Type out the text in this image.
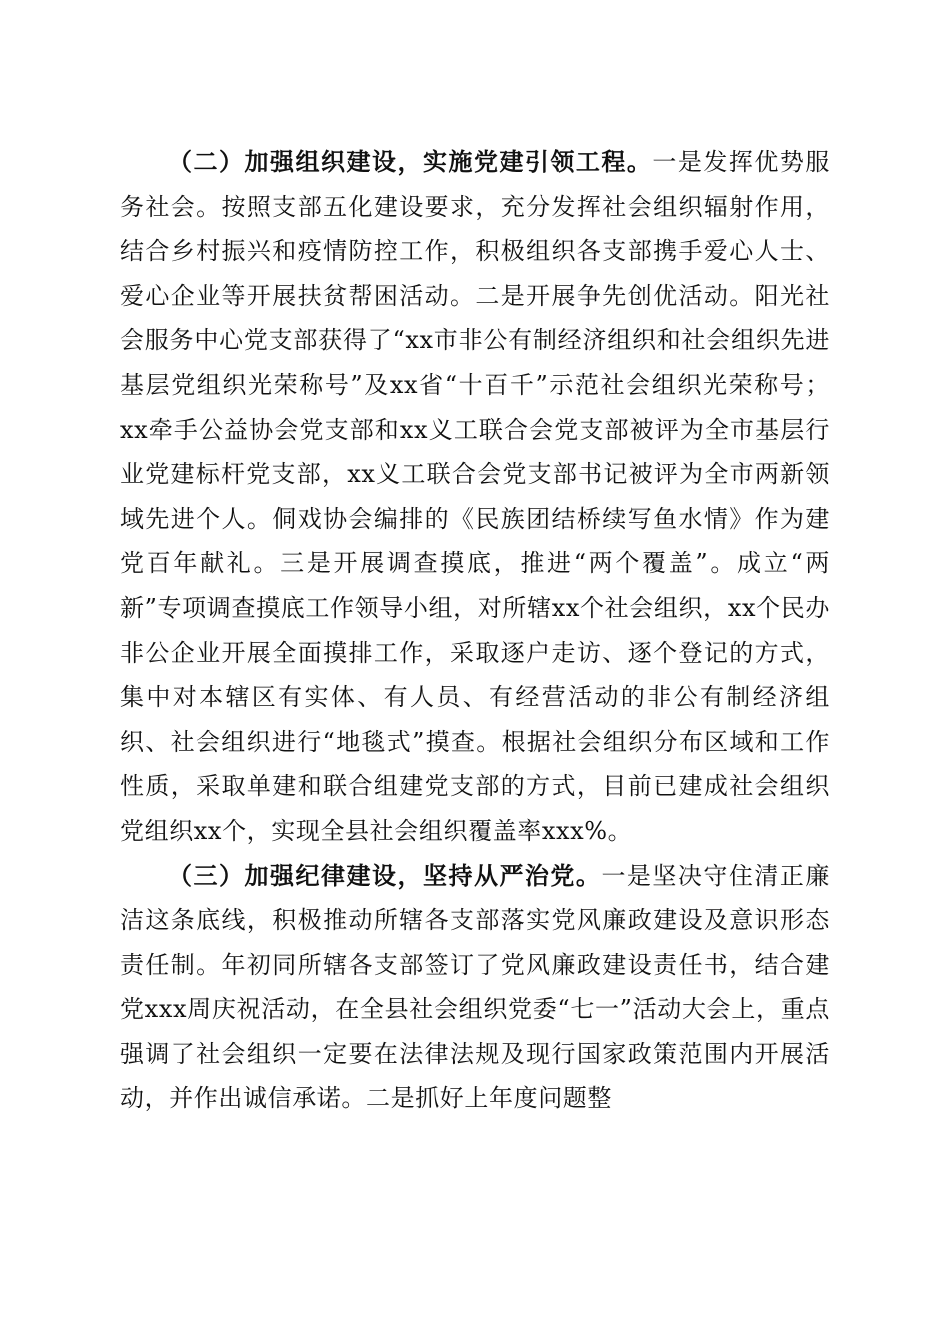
（二）加强组织建设，实施党建引领工程。一是发挥优势服务社会。按照支部五化建设要求，充分发挥社会组织辐射作用，结合乡村振兴和疫情防控工作，积极组织各支部携手爱心人士、爱心企业等开展扶贫帮困活动。二是开展争先创优活动。阳光社会服务中心党支部获得了“xx市非公有制经济组织和社会组织先进基层党组织光荣称号”及xx省“十百千”示范社会组织光荣称号；xx牵手公益协会党支部和xx义工联合会党支部被评为全市基层行业党建标杆党支部，xx义工联合会党支部书记被评为全市两新领域先进个人。侗戏协会编排的《民族团结桥续写鱼水情》作为建党百年献礼。三是开展调查摸底，推进“两个覆盖”。成立“两新”专项调查摸底工作领导小组，对所辖xx个社会组织，xx个民办非公企业开展全面摸排工作，采取逐户走访、逐个登记的方式，集中对本辖区有实体、有人员、有经营活动的非公有制经济组织、社会组织进行“地毯式”摸查。根据社会组织分布区域和工作性质，采取单建和联合组建党支部的方式，目前已建成社会组织党组织xx个，实现全县社会组织覆盖率xxx%。

（三）加强纪律建设，坚持从严治党。一是坚决守住清正廉洁这条底线，积极推动所辖各支部落实党风廉政建设及意识形态责任制。年初同所辖各支部签订了党风廉政建设责任书，结合建党xxx周庆祝活动，在全县社会组织党委“七一”活动大会上，重点强调了社会组织一定要在法律法规及现行国家政策范围内开展活动，并作出诚信承诺。二是抓好上年度问题整
